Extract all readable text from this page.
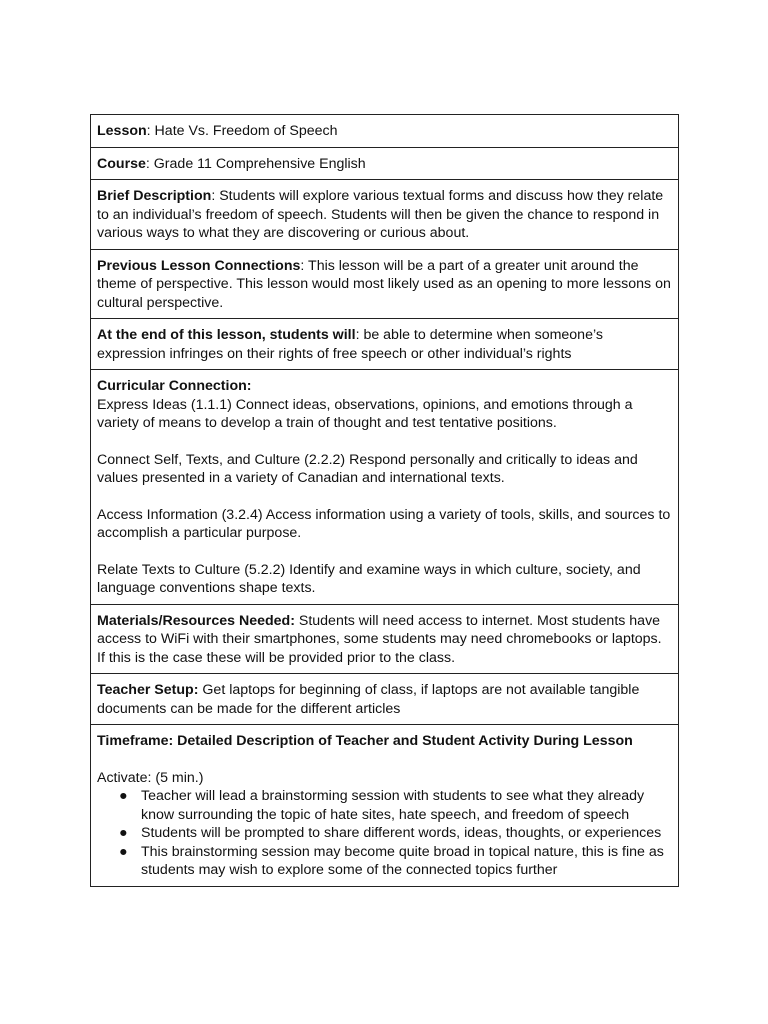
Lesson: Hate Vs. Freedom of Speech
Course: Grade 11 Comprehensive English
Brief Description: Students will explore various textual forms and discuss how they relate to an individual’s freedom of speech. Students will then be given the chance to respond in various ways to what they are discovering or curious about.
Previous Lesson Connections: This lesson will be a part of a greater unit around the theme of perspective. This lesson would most likely used as an opening to more lessons on cultural perspective.
At the end of this lesson, students will: be able to determine when someone’s expression infringes on their rights of free speech or other individual’s rights

Curricular Connection:

Express Ideas (1.1.1) Connect ideas, observations, opinions, and emotions through a variety of means to develop a train of thought and test tentative positions.

Connect Self, Texts, and Culture (2.2.2) Respond personally and critically to ideas and values presented in a variety of Canadian and international texts.

Access Information (3.2.4) Access information using a variety of tools, skills, and sources to accomplish a particular purpose.

Relate Texts to Culture (5.2.2) Identify and examine ways in which culture, society, and language conventions shape texts.

Materials/Resources Needed: Students will need access to internet. Most students have access to WiFi with their smartphones, some students may need chromebooks or laptops. If this is the case these will be provided prior to the class.
Teacher Setup: Get laptops for beginning of class, if laptops are not available tangible documents can be made for the different articles

Timeframe: Detailed Description of Teacher and Student Activity During Lesson

Activate: (5 min.)

● Teacher will lead a brainstorming session with students to see what they already know surrounding the topic of hate sites, hate speech, and freedom of speech
● Students will be prompted to share different words, ideas, thoughts, or experiences
● This brainstorming session may become quite broad in topical nature, this is fine as students may wish to explore some of the connected topics further
